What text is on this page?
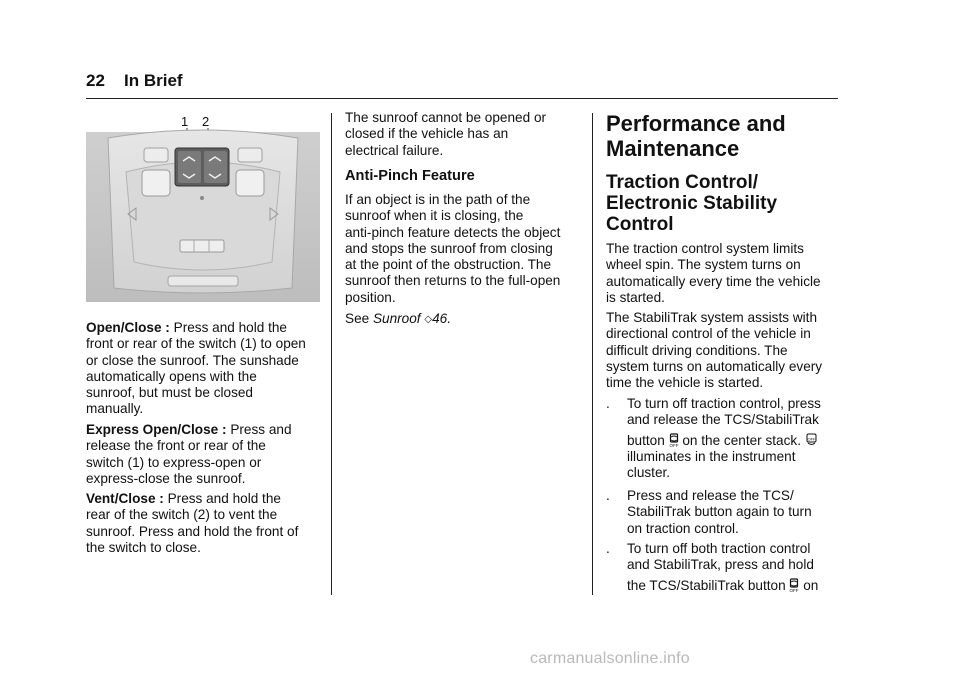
22 In Brief
1 2
Open/Close : Press and hold the
front or rear of the switch (1) to open
or close the sunroof. The sunshade
automatically opens with the
sunroof, but must be closed
manually.
Express Open/Close : Press and
release the front or rear of the
switch (1) to express-open or
express-close the sunroof.
Vent/Close : Press and hold the
rear of the switch (2) to vent the
sunroof. Press and hold the front of
the switch to close.
The sunroof cannot be opened or
closed if the vehicle has an
electrical failure.
Anti-Pinch Feature
If an object is in the path of the
sunroof when it is closing, the
anti-pinch feature detects the object
and stops the sunroof from closing
at the point of the obstruction. The
sunroof then returns to the full-open
position.
See Sunroof ◇46.
Performance and
Maintenance
Traction Control/
Electronic Stability
Control
The traction control system limits
wheel spin. The system turns on
automatically every time the vehicle
is started.
The StabiliTrak system assists with
directional control of the vehicle in
difficult driving conditions. The
system turns on automatically every
time the vehicle is started.
. To turn off traction control, press
and release the TCS/StabiliTrak
button OFF on the center stack. OFF
illuminates in the instrument
cluster.
. Press and release the TCS/
StabiliTrak button again to turn
on traction control.
. To turn off both traction control
and StabiliTrak, press and hold
the TCS/StabiliTrak button OFF on
carmanualsonline.info
